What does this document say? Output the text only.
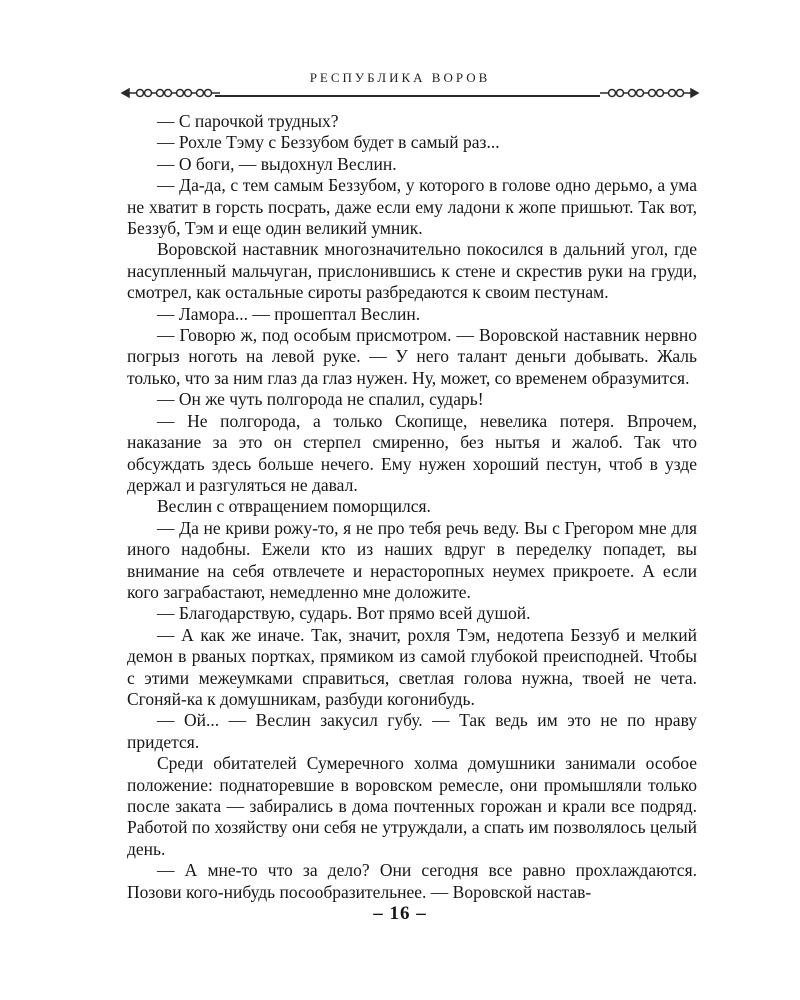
РЕСПУБЛИКА ВОРОВ

— С парочкой трудных?

— Рохле Тэму с Беззубом будет в самый раз...

— О боги, — выдохнул Веслин.

— Да-да, с тем самым Беззубом, у которого в голове одно дерьмо, а ума не хватит в горсть посрать, даже если ему ладони к жопе пришьют. Так вот, Беззуб, Тэм и еще один великий умник.

Воровской наставник многозначительно покосился в дальний угол, где насупленный мальчуган, прислонившись к стене и скрестив руки на груди, смотрел, как остальные сироты разбредаются к своим пестунам.

— Ламора... — прошептал Веслин.

— Говорю ж, под особым присмотром. — Воровской наставник нервно погрыз ноготь на левой руке. — У него талант деньги добывать. Жаль только, что за ним глаз да глаз нужен. Ну, может, со временем образумится.

— Он же чуть полгорода не спалил, сударь!

— Не полгорода, а только Скопище, невелика потеря. Впрочем, наказание за это он стерпел смиренно, без нытья и жалоб. Так что обсуждать здесь больше нечего. Ему нужен хороший пестун, чтоб в узде держал и разгуляться не давал.

Веслин с отвращением поморщился.

— Да не криви рожу-то, я не про тебя речь веду. Вы с Грегором мне для иного надобны. Ежели кто из наших вдруг в переделку попадет, вы внимание на себя отвлечете и нерасторопных неумех прикроете. А если кого заграбастают, немедленно мне доложите.

— Благодарствую, сударь. Вот прямо всей душой.

— А как же иначе. Так, значит, рохля Тэм, недотепа Беззуб и мелкий демон в рваных портках, прямиком из самой глубокой преисподней. Чтобы с этими межеумками справиться, светлая голова нужна, твоей не чета. Сгоняй-ка к домушникам, разбуди когонибудь.

— Ой... — Веслин закусил губу. — Так ведь им это не по нраву придется.

Среди обитателей Сумеречного холма домушники занимали особое положение: поднаторевшие в воровском ремесле, они промышляли только после заката — забирались в дома почтенных горожан и крали все подряд. Работой по хозяйству они себя не утруждали, а спать им позволялось целый день.

— А мне-то что за дело? Они сегодня все равно прохлаждаются. Позови кого-нибудь посообразительнее. — Воровской настав-

– 16 –
